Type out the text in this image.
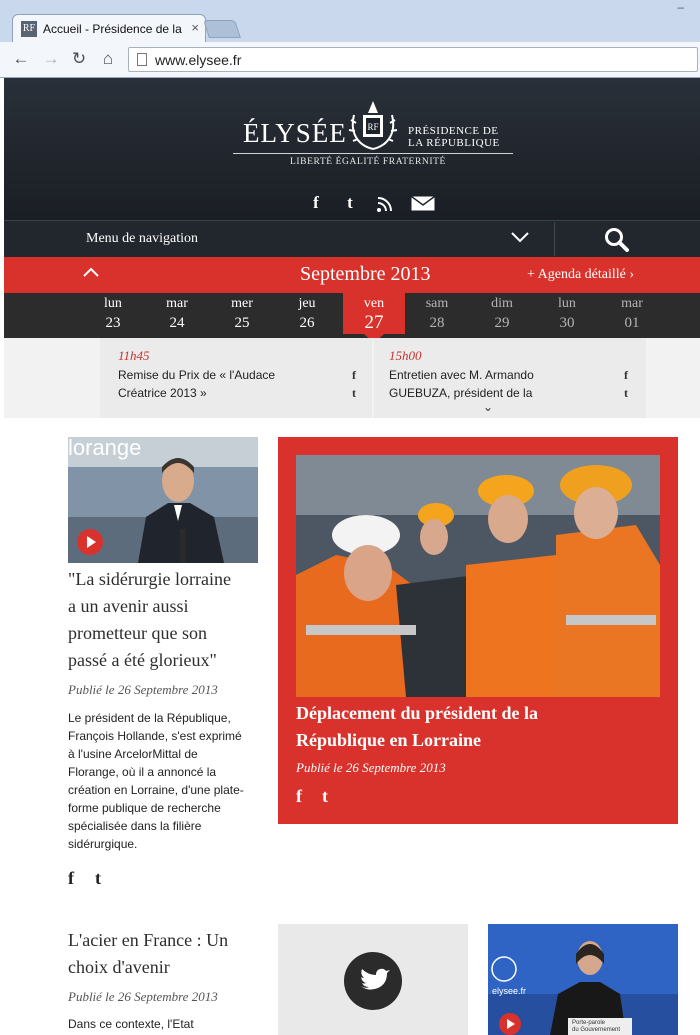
–
RF Accueil - Présidence de la ×
← → ↻ ⌂	www.elysee.fr
ÉLYSÉE RF	PRÉSIDENCE DE
LA RÉPUBLIQUE
LIBERTÉ ÉGALITÉ FRATERNITÉ
f	t
Menu de navigation
Septembre 2013	+ Agenda détaillé ›
lun
23
mar
24
mer
25
jeu
26
ven
27
sam
28
dim
29
lun
30
mar
01
11h45
Remise du Prix de « l'Audace
Créatrice 2013 »
f
t
15h00
Entretien avec M. Armando
GUEBUZA, président de la
f
t
⌄
lorange
"La sidérurgie lorraine
a un avenir aussi
prometteur que son
passé a été glorieux"
Publié le 26 Septembre 2013
Le président de la République,
François Hollande, s'est exprimé
à l'usine ArcelorMittal de
Florange, où il a annoncé la
création en Lorraine, d'une plate-
forme publique de recherche
spécialisée dans la filière
sidérurgique.
f t
Déplacement du président de la
République en Lorraine
Publié le 26 Septembre 2013
f t
L'acier en France : Un
choix d'avenir
Publié le 26 Septembre 2013
Dans ce contexte, l'Etat
elysee.fr
Porte-parole
du Gouvernement
